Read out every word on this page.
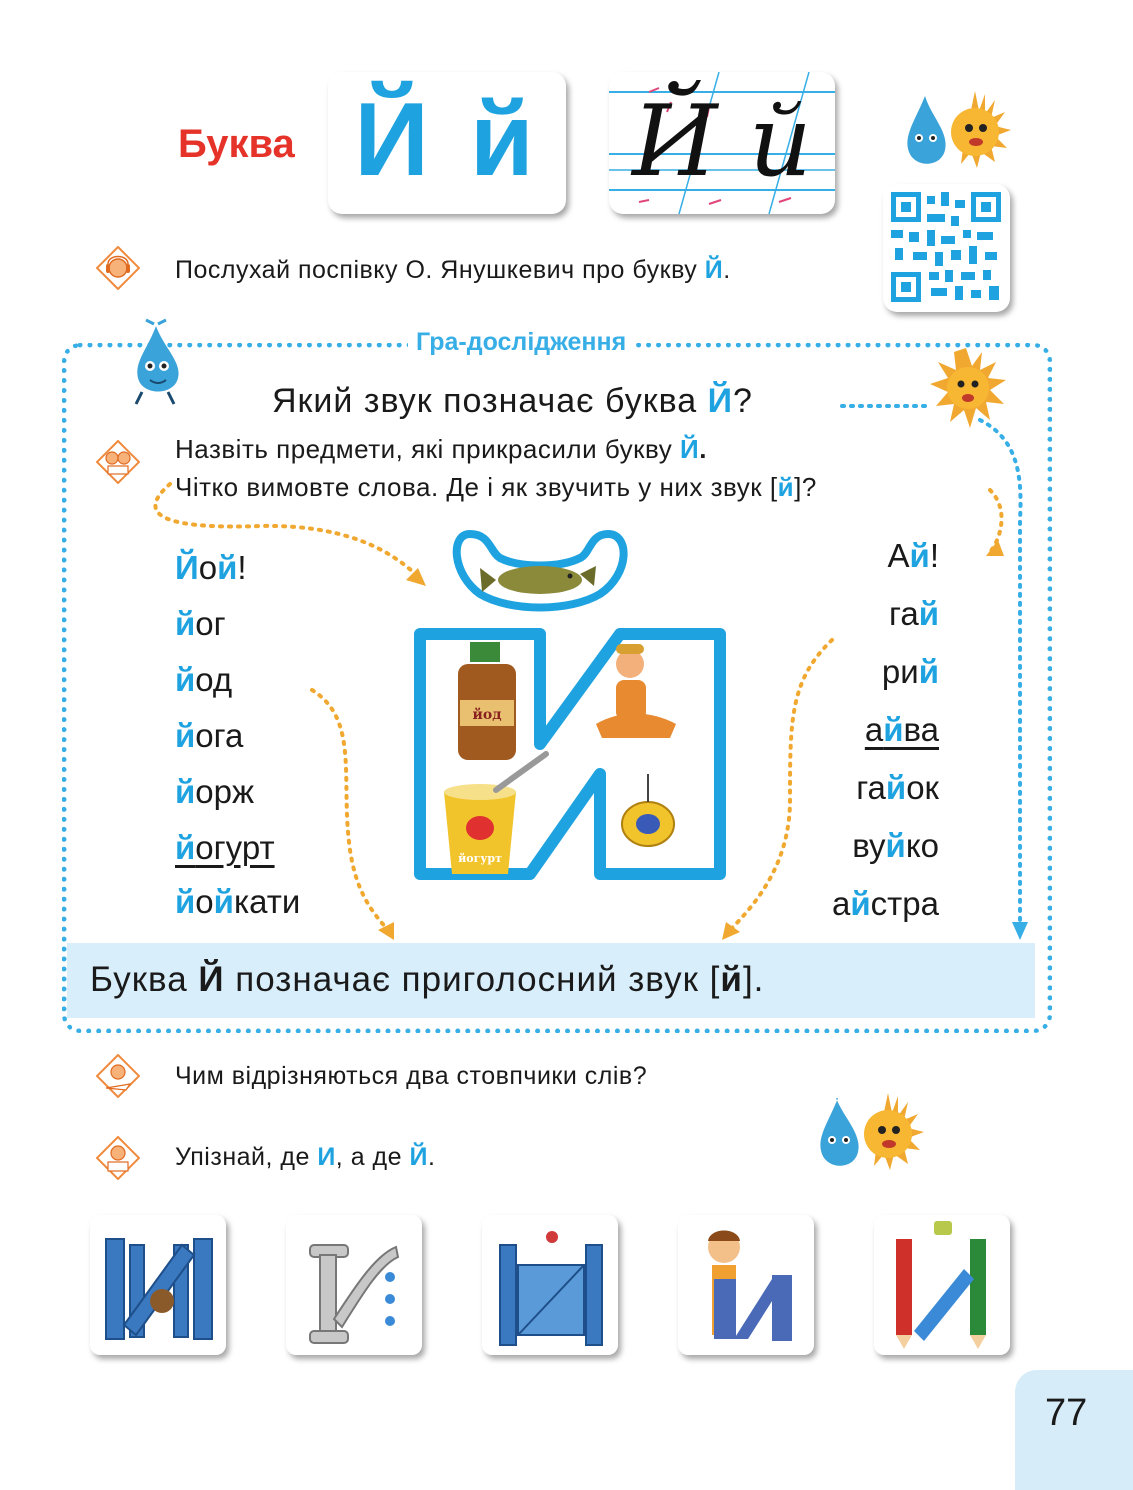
Буква Й й Й й
Послухай поспівку О. Янушкевич про букву Й.
Гра-дослідження
Який звук позначає буква Й?
Назвіть предмети, які прикрасили букву Й.
Чітко вимовте слова. Де і як звучить у них звук [й]?
йод
йогурт
Йой!
йог
йод
йога
йорж
йогурт
йойкати
Ай!
гай
рий
айва
гайок
вуйко
айстра
Буква Й позначає приголосний звук [й].
Чим відрізняються два стовпчики слів?
Упізнай, де И, а де Й.
77
